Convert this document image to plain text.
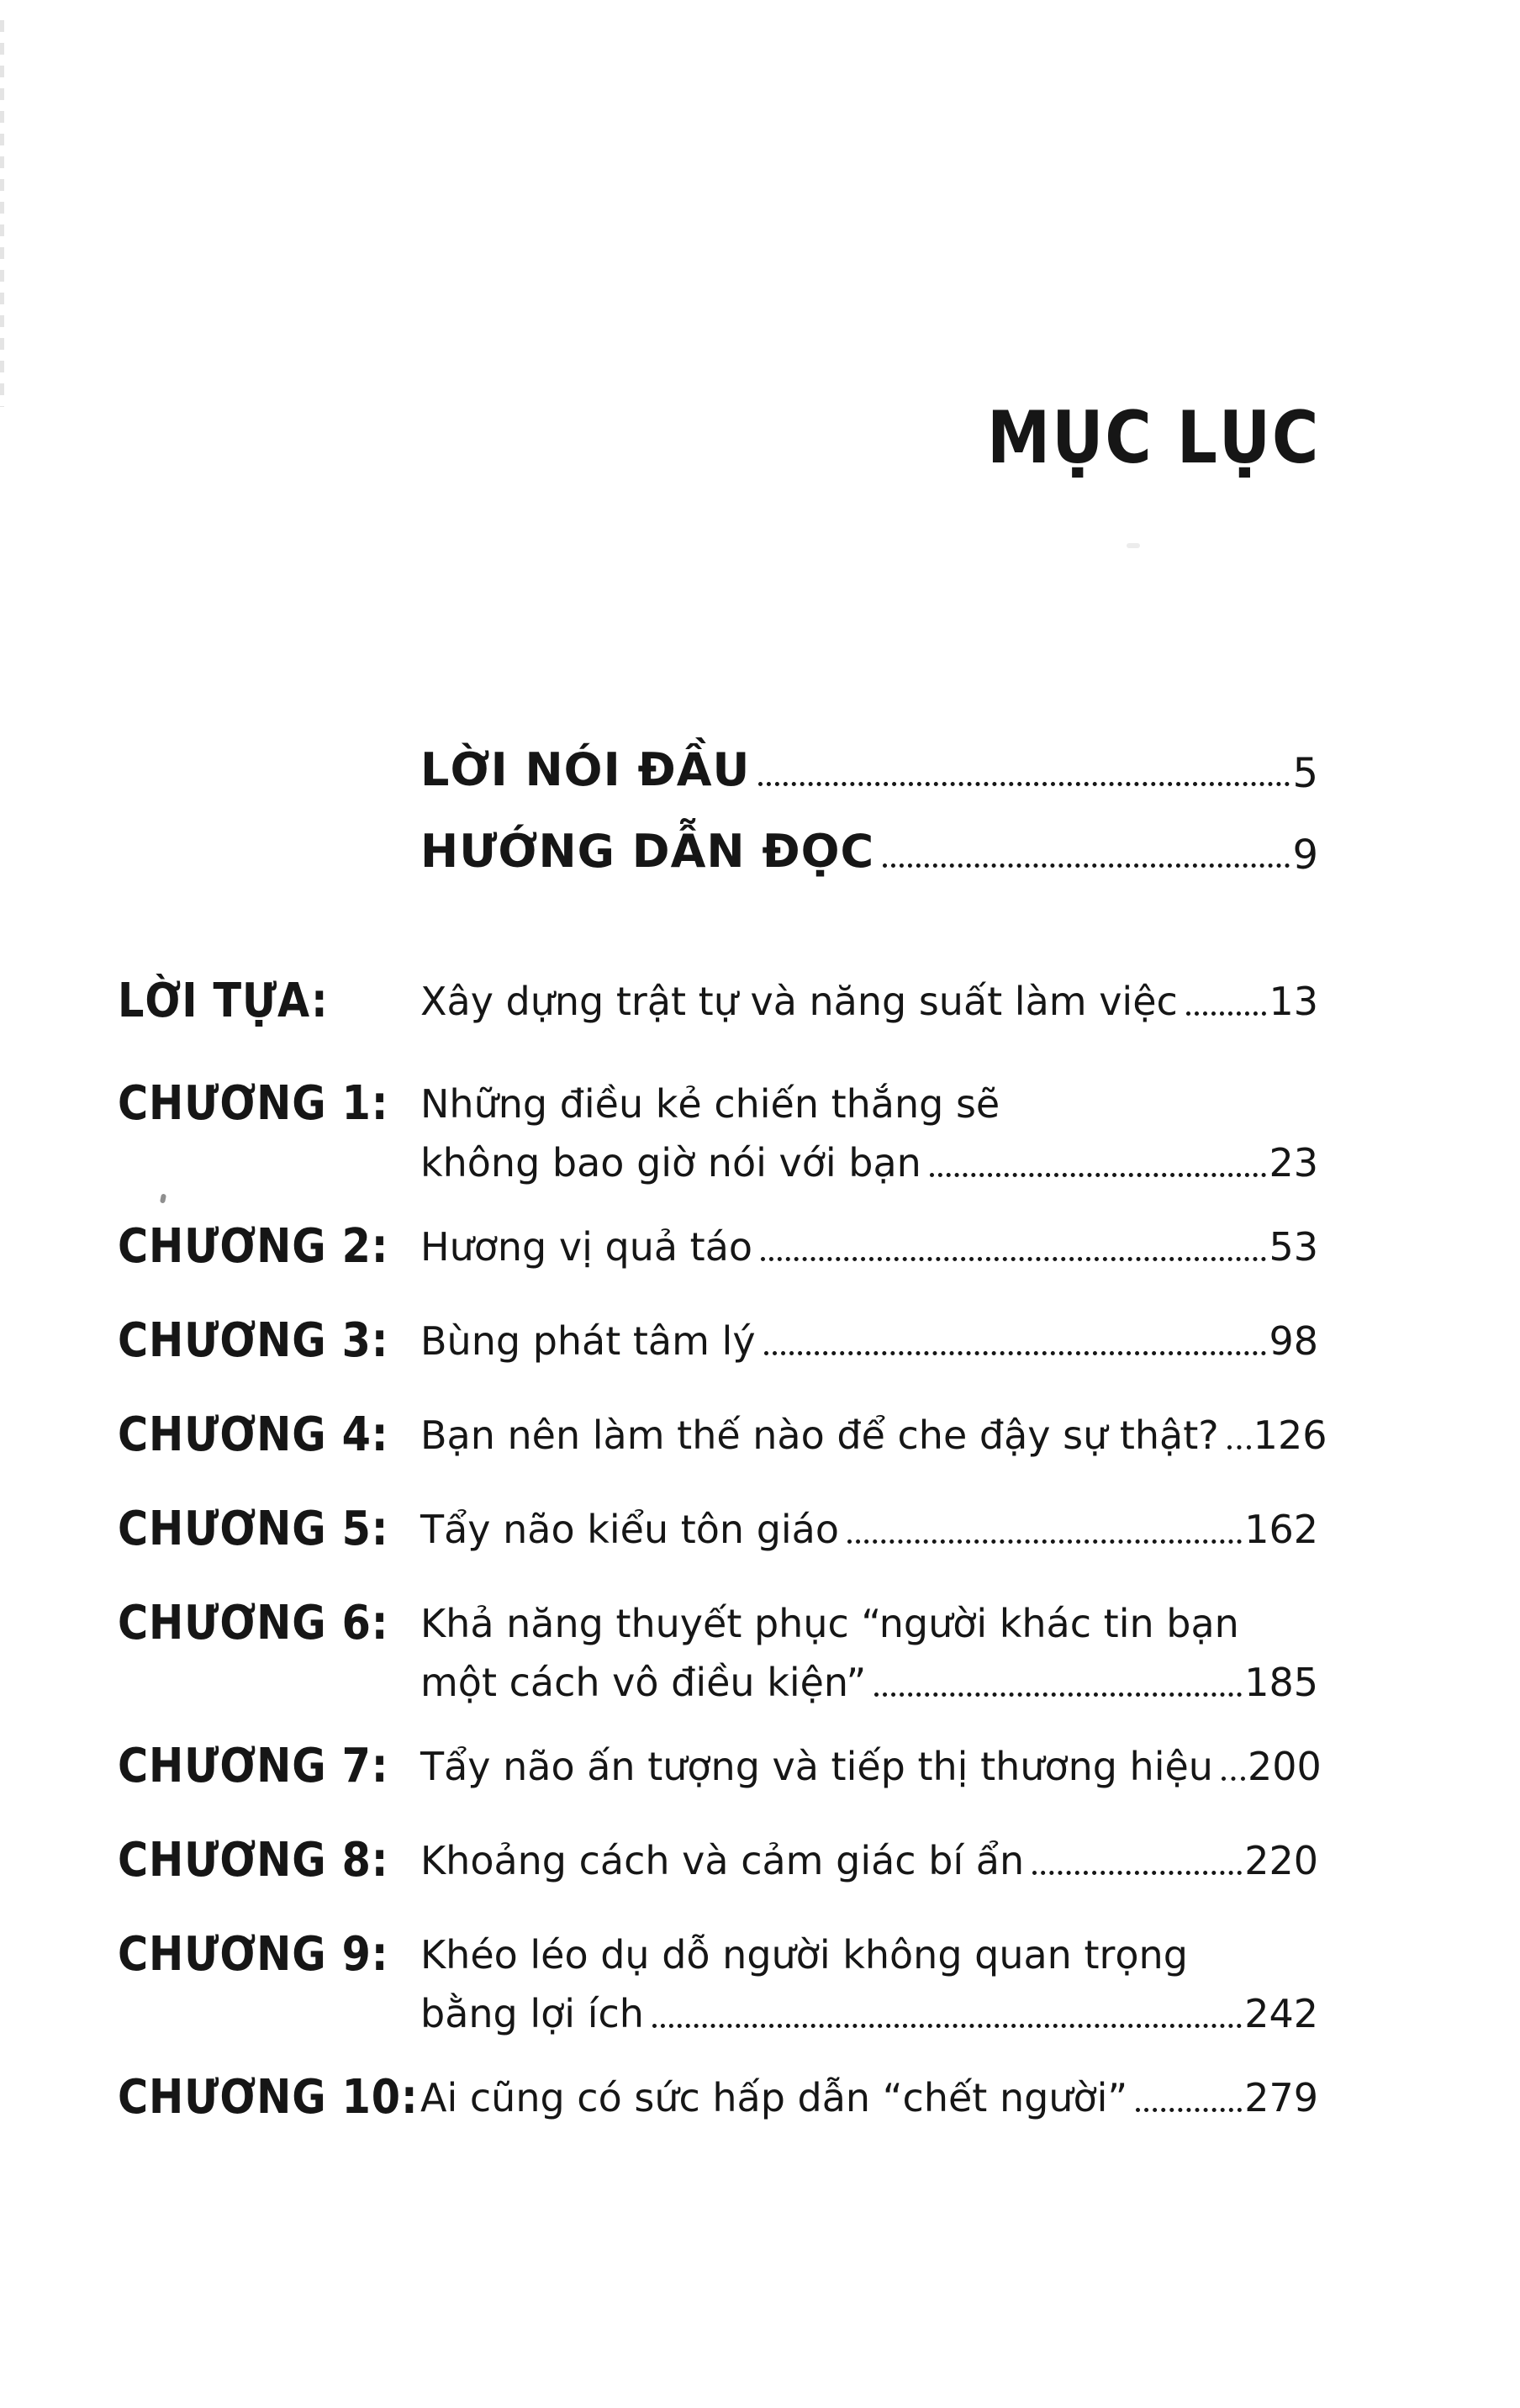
MỤC LỤC
LỜI NÓI ĐẦU	5
HƯỚNG DẪN ĐỌC	9
LỜI TỰA:	Xây dựng trật tự và năng suất làm việc 13
CHƯƠNG 1: Những điều kẻ chiến thắng sẽ
không bao giờ nói với bạn	23
CHƯƠNG 2: Hương vị quả táo	53
CHƯƠNG 3: Bùng phát tâm lý	98
CHƯƠNG 4: Bạn nên làm thế nào để che đậy sự thật? 126
CHƯƠNG 5: Tẩy não kiểu tôn giáo	162
CHƯƠNG 6: Khả năng thuyết phục “người khác tin bạn
một cách vô điều kiện”	185
CHƯƠNG 7: Tẩy não ấn tượng và tiếp thị thương hiệu 200
CHƯƠNG 8: Khoảng cách và cảm giác bí ẩn	220
CHƯƠNG 9: Khéo léo dụ dỗ người không quan trọng
bằng lợi ích	242
CHƯƠNG 10: Ai cũng có sức hấp dẫn “chết người”	279
